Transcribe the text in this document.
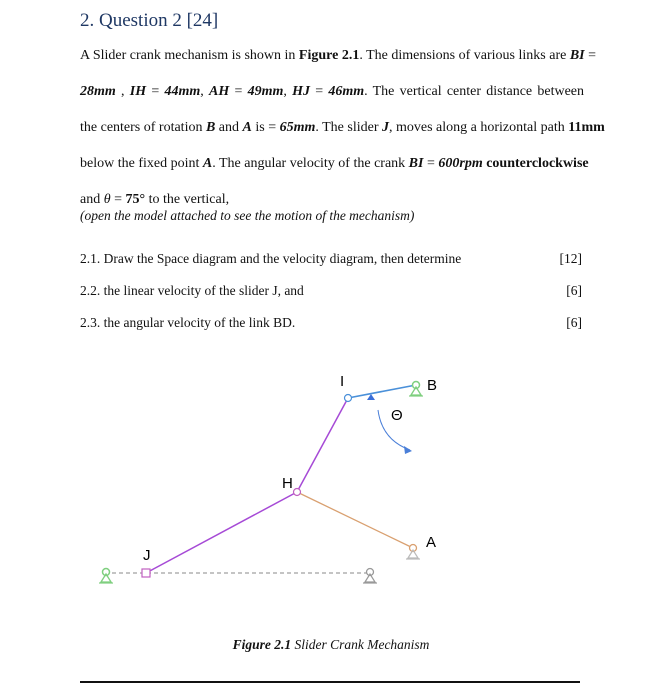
2. Question 2 [24]
A Slider crank mechanism is shown in Figure 2.1. The dimensions of various links are BI =
28mm , IH = 44mm, AH = 49mm, HJ = 46mm. The vertical center distance between
the centers of rotation B and A is = 65mm. The slider J, moves along a horizontal path 11mm
below the fixed point A. The angular velocity of the crank BI = 600rpm counterclockwise
and θ = 75° to the vertical,
(open the model attached to see the motion of the mechanism)
2.1. Draw the Space diagram and the velocity diagram, then determine	[12]
2.2. the linear velocity of the slider J, and	[6]
2.3. the angular velocity of the link BD.	[6]
I	B
Θ
H
A
J
Figure 2.1 Slider Crank Mechanism
